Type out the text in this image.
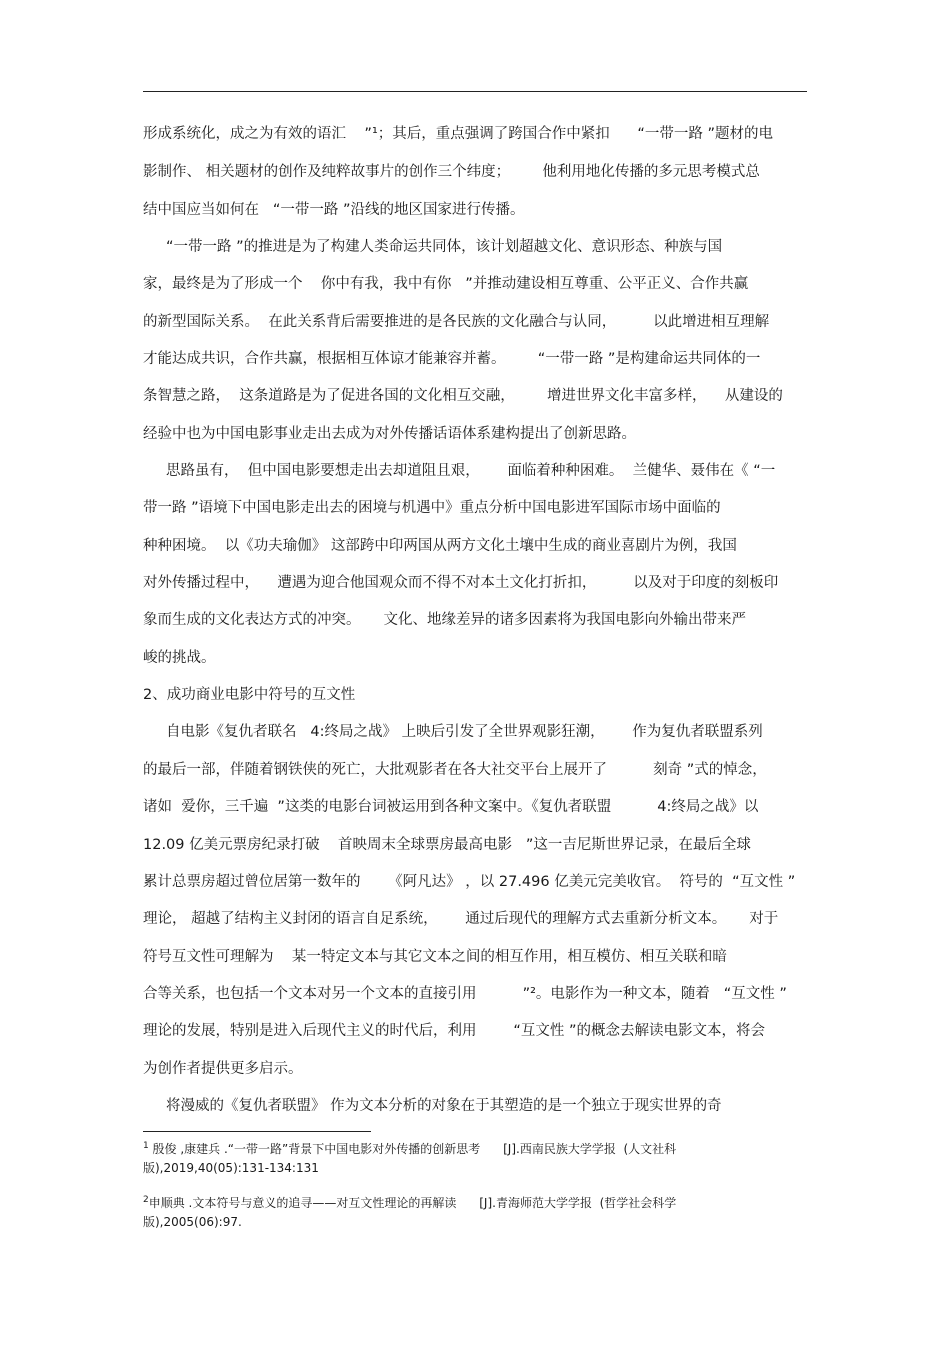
形成系统化，成之为有效的语汇    ”¹；其后，重点强调了跨国合作中紧扣      “一带一路 ”题材的电
影制作、 相关题材的创作及纯粹故事片的创作三个纬度；       他利用地化传播的多元思考模式总
结中国应当如何在   “一带一路 ”沿线的地区国家进行传播。
“一带一路 ”的推进是为了构建人类命运共同体，该计划超越文化、意识形态、种族与国
家，最终是为了形成一个    你中有我，我中有你   ”并推动建设相互尊重、公平正义、合作共赢
的新型国际关系。  在此关系背后需要推进的是各民族的文化融合与认同，        以此增进相互理解
才能达成共识，合作共赢，根据相互体谅才能兼容并蓄。       “一带一路 ”是构建命运共同体的一
条智慧之路，  这条道路是为了促进各国的文化相互交融，       增进世界文化丰富多样，    从建设的
经验中也为中国电影事业走出去成为对外传播话语体系建构提出了创新思路。
思路虽有，  但中国电影要想走出去却道阻且艰，      面临着种种困难。  兰健华、聂伟在《 “一
带一路 ”语境下中国电影走出去的困境与机遇中》重点分析中国电影进军国际市场中面临的
种种困境。  以《功夫瑜伽》 这部跨中印两国从两方文化土壤中生成的商业喜剧片为例，我国
对外传播过程中，    遭遇为迎合他国观众而不得不对本土文化打折扣，        以及对于印度的刻板印
象而生成的文化表达方式的冲突。     文化、地缘差异的诸多因素将为我国电影向外输出带来严
峻的挑战。
2、成功商业电影中符号的互文性
自电影《复仇者联名   4:终局之战》 上映后引发了全世界观影狂潮，      作为复仇者联盟系列
的最后一部，伴随着钢铁侠的死亡，大批观影者在各大社交平台上展开了          刻奇 ”式的悼念，
诸如  爱你，三千遍  ”这类的电影台词被运用到各种文案中。《复仇者联盟          4:终局之战》以
12.09 亿美元票房纪录打破    首映周末全球票房最高电影   ”这一吉尼斯世界记录，在最后全球
累计总票房超过曾位居第一数年的      《阿凡达》 ，以 27.496 亿美元完美收官。  符号的  “互文性 ”
理论， 超越了结构主义封闭的语言自足系统，      通过后现代的理解方式去重新分析文本。     对于
符号互文性可理解为    某一特定文本与其它文本之间的相互作用，相互模仿、相互关联和暗
合等关系，也包括一个文本对另一个文本的直接引用          ”²。电影作为一种文本，随着   “互文性 ”
理论的发展，特别是进入后现代主义的时代后，利用        “互文性 ”的概念去解读电影文本，将会
为创作者提供更多启示。
将漫威的《复仇者联盟》 作为文本分析的对象在于其塑造的是一个独立于现实世界的奇
$^1$ 殷俊 ,康建兵 .“一带一路”背景下中国电影对外传播的创新思考      [J].西南民族大学学报  (人文社科
版),2019,40(05):131-134:131
$^2$申顺典 .文本符号与意义的追寻——对互文性理论的再解读      [J].青海师范大学学报  (哲学社会科学
版),2005(06):97.
